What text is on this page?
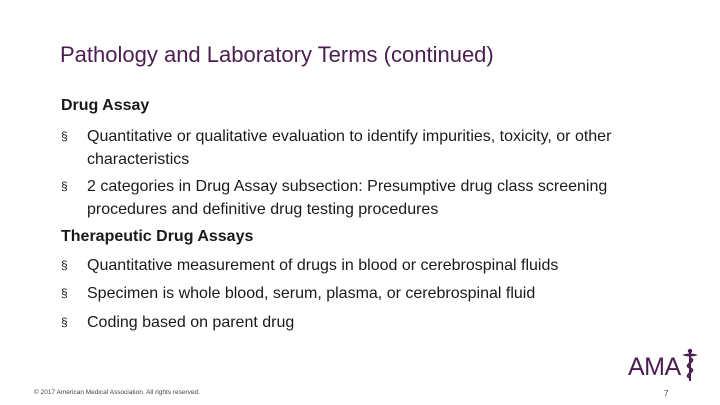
Pathology and Laboratory Terms (continued)
Drug Assay
§ Quantitative or qualitative evaluation to identify impurities, toxicity, or other characteristics
§ 2 categories in Drug Assay subsection: Presumptive drug class screening procedures and definitive drug testing procedures
Therapeutic Drug Assays
§ Quantitative measurement of drugs in blood or cerebrospinal fluids
§ Specimen is whole blood, serum, plasma, or cerebrospinal fluid
§ Coding based on parent drug
AMA
© 2017 American Medical Association. All rights reserved.	7
